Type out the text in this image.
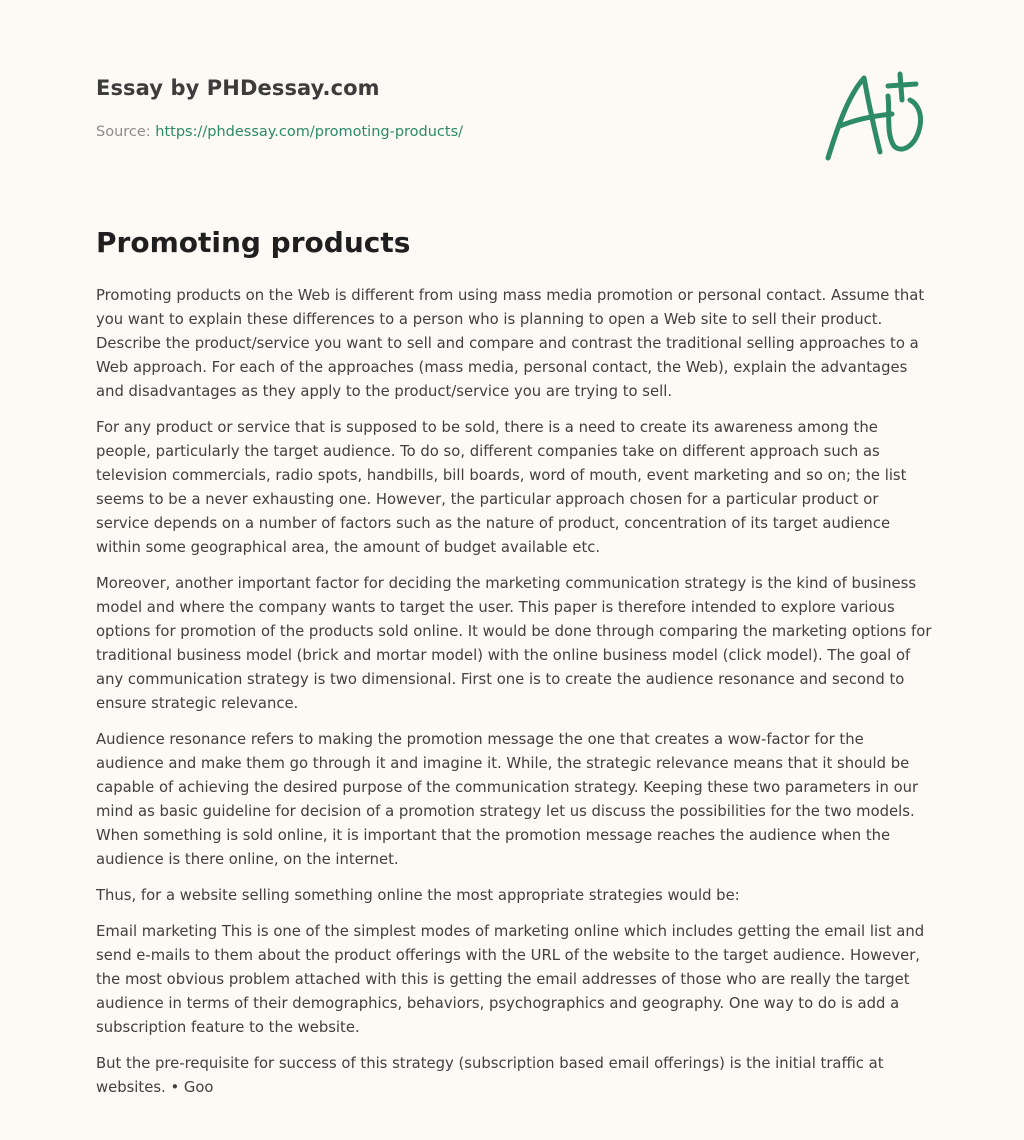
Essay by PHDessay.com
Source: https://phdessay.com/promoting-products/
Promoting products

Promoting products on the Web is different from using mass media promotion or personal contact. Assume that you want to explain these differences to a person who is planning to open a Web site to sell their product. Describe the product/service you want to sell and compare and contrast the traditional selling approaches to a Web approach. For each of the approaches (mass media, personal contact, the Web), explain the advantages and disadvantages as they apply to the product/service you are trying to sell.

For any product or service that is supposed to be sold, there is a need to create its awareness among the people, particularly the target audience. To do so, different companies take on different approach such as television commercials, radio spots, handbills, bill boards, word of mouth, event marketing and so on; the list seems to be a never exhausting one. However, the particular approach chosen for a particular product or service depends on a number of factors such as the nature of product, concentration of its target audience within some geographical area, the amount of budget available etc.

Moreover, another important factor for deciding the marketing communication strategy is the kind of business model and where the company wants to target the user. This paper is therefore intended to explore various options for promotion of the products sold online. It would be done through comparing the marketing options for traditional business model (brick and mortar model) with the online business model (click model). The goal of any communication strategy is two dimensional. First one is to create the audience resonance and second to ensure strategic relevance.

Audience resonance refers to making the promotion message the one that creates a wow-factor for the audience and make them go through it and imagine it. While, the strategic relevance means that it should be capable of achieving the desired purpose of the communication strategy. Keeping these two parameters in our mind as basic guideline for decision of a promotion strategy let us discuss the possibilities for the two models. When something is sold online, it is important that the promotion message reaches the audience when the audience is there online, on the internet.

Thus, for a website selling something online the most appropriate strategies would be:

Email marketing This is one of the simplest modes of marketing online which includes getting the email list and send e-mails to them about the product offerings with the URL of the website to the target audience. However, the most obvious problem attached with this is getting the email addresses of those who are really the target audience in terms of their demographics, behaviors, psychographics and geography. One way to do is add a subscription feature to the website.

But the pre-requisite for success of this strategy (subscription based email offerings) is the initial traffic at websites. • Goo
